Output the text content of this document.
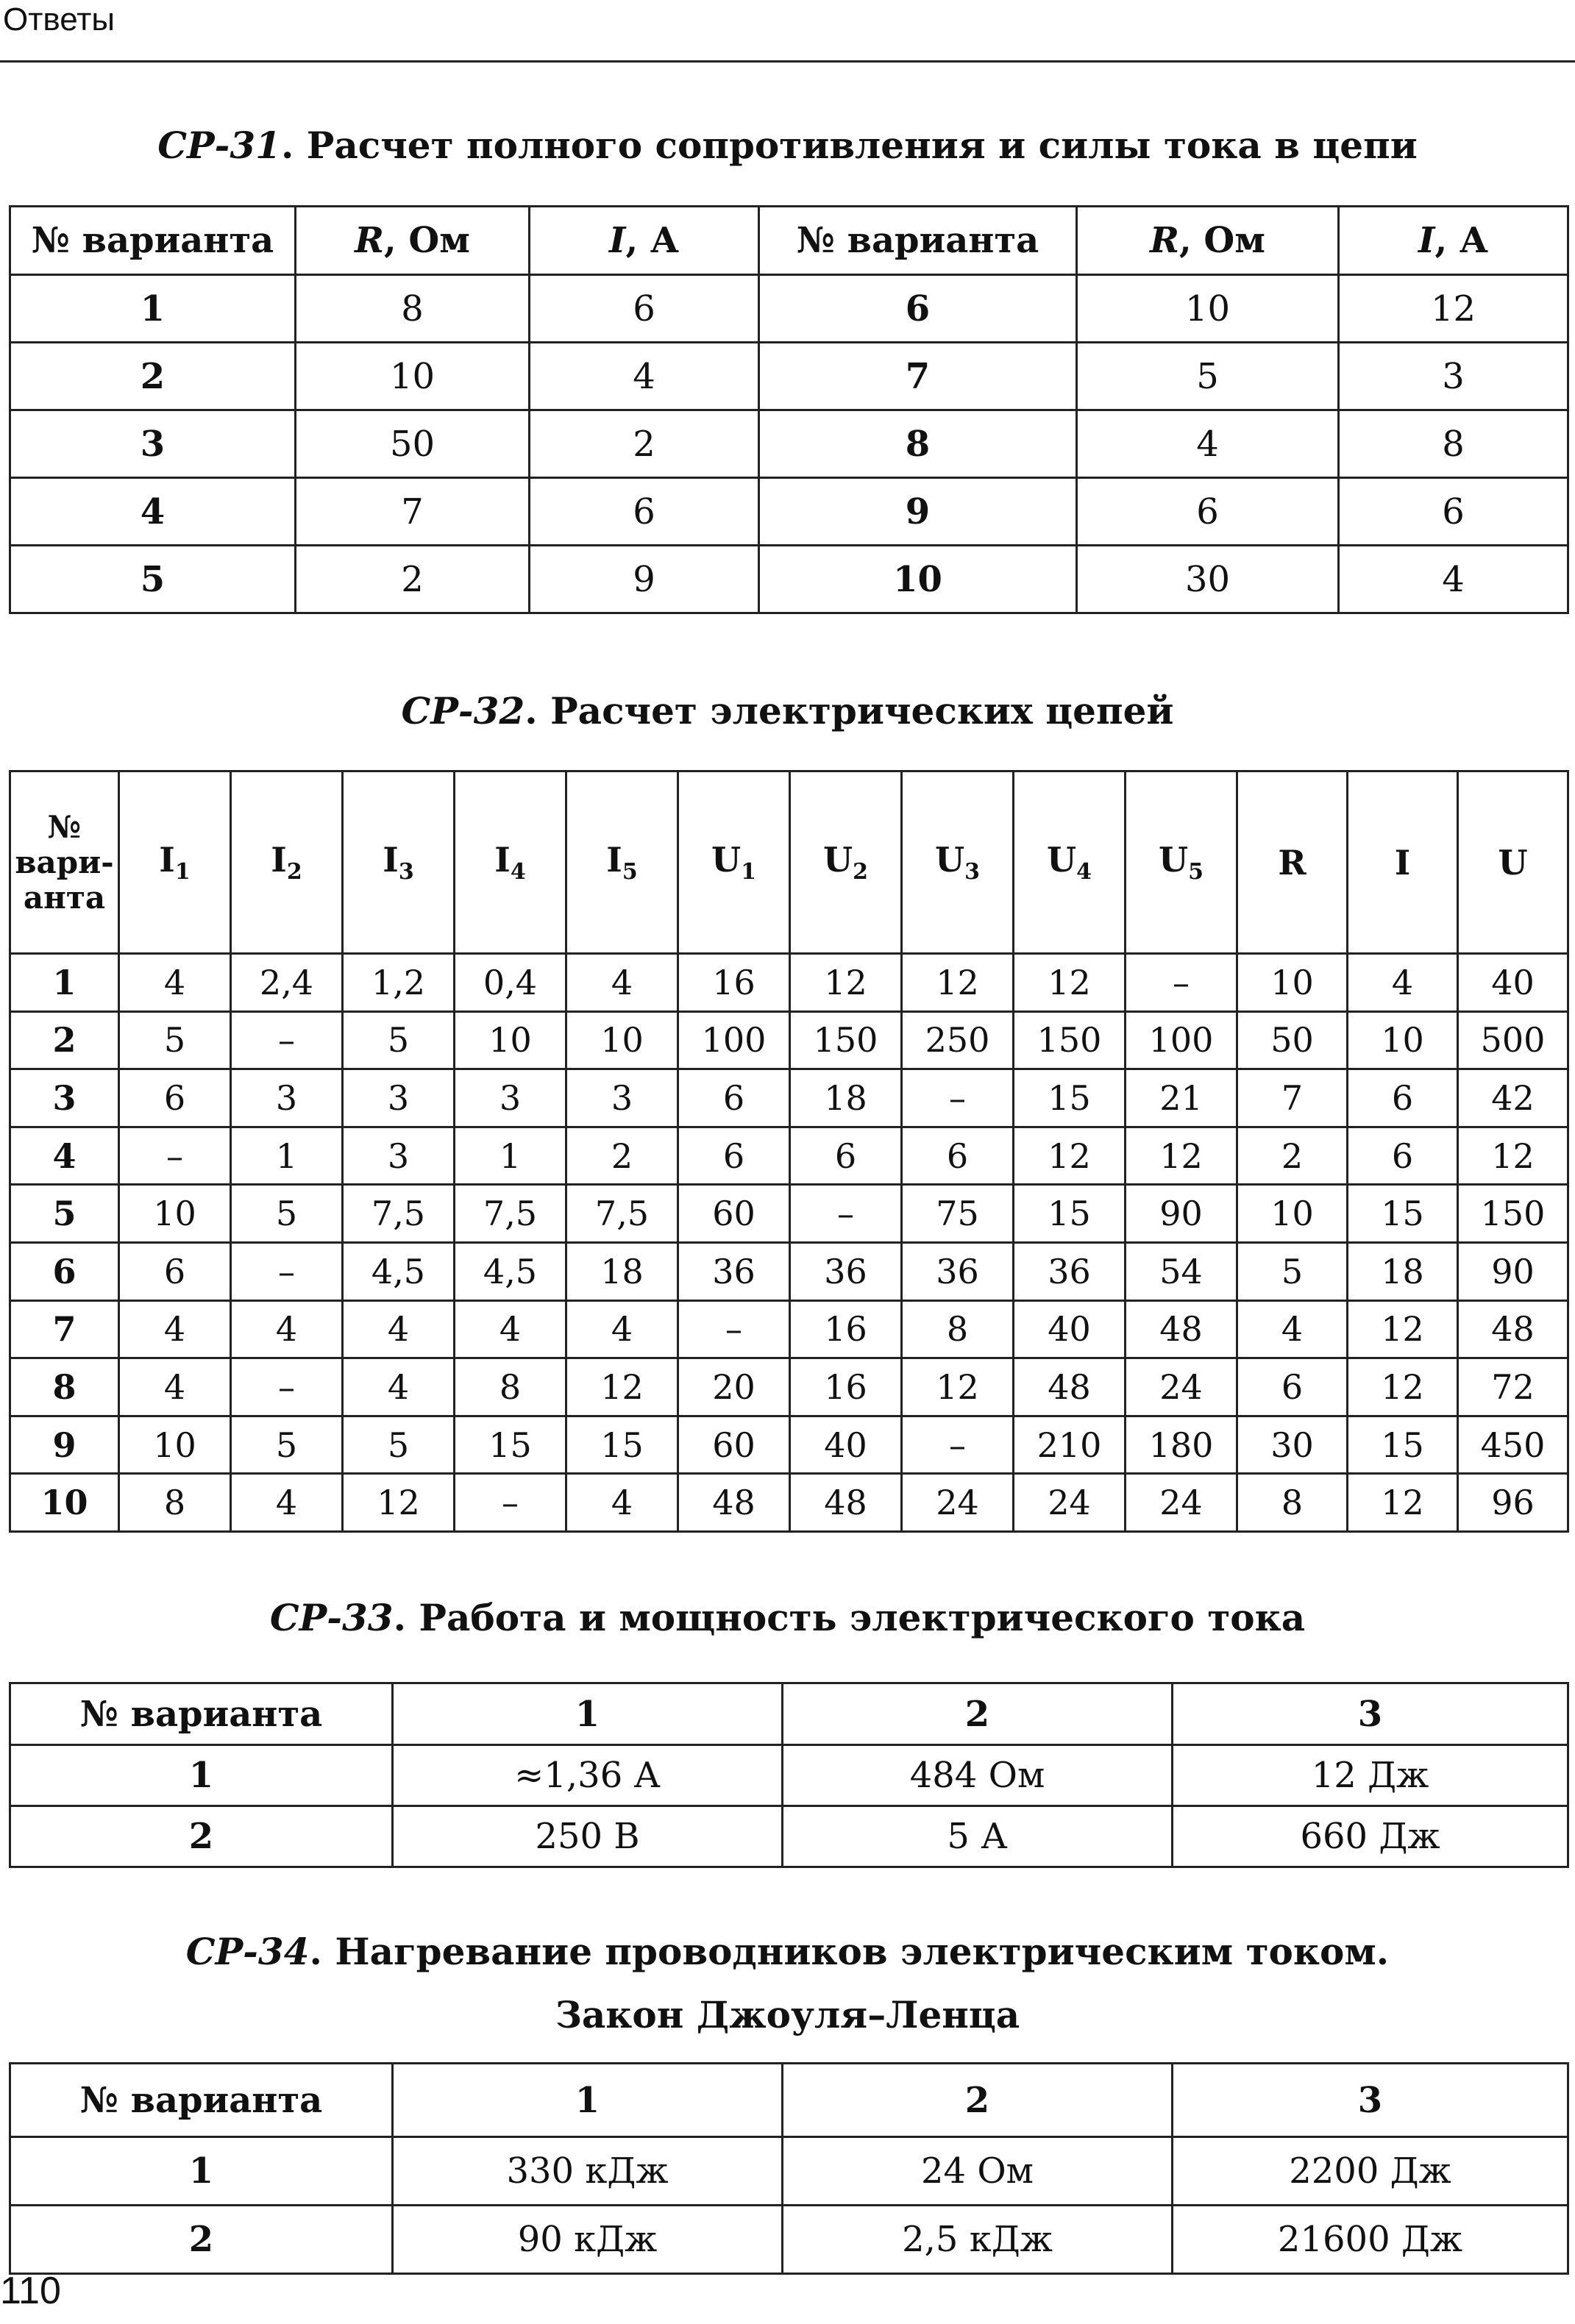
Ответы
СР-31. Расчет полного сопротивления и силы тока в цепи
№ варианта	R, Ом	I, А	№ варианта	R, Ом	I, А
1	8	6	6	10	12
2	10	4	7	5	3
3	50	2	8	4	8
4	7	6	9	6	6
5	2	9	10	30	4
СР-32. Расчет электрических цепей
№ вари-анта	$I_1$	$I_2$	$I_3$	$I_4$	$I_5$	$U_1$	$U_2$	$U_3$	$U_4$	$U_5$	R	I	U
1	4	2,4	1,2	0,4	4	16	12	12	12	–	10	4	40
2	5	–	5	10	10	100	150	250	150	100	50	10	500
3	6	3	3	3	3	6	18	–	15	21	7	6	42
4	–	1	3	1	2	6	6	6	12	12	2	6	12
5	10	5	7,5	7,5	7,5	60	–	75	15	90	10	15	150
6	6	–	4,5	4,5	18	36	36	36	36	54	5	18	90
7	4	4	4	4	4	–	16	8	40	48	4	12	48
8	4	–	4	8	12	20	16	12	48	24	6	12	72
9	10	5	5	15	15	60	40	–	210	180	30	15	450
10	8	4	12	–	4	48	48	24	24	24	8	12	96
СР-33. Работа и мощность электрического тока
№ варианта	1	2	3
1	≈1,36 А	484 Ом	12 Дж
2	250 В	5 А	660 Дж
СР-34. Нагревание проводников электрическим током.
Закон Джоуля–Ленца
№ варианта	1	2	3
1	330 кДж	24 Ом	2200 Дж
2	90 кДж	2,5 кДж	21600 Дж
110
